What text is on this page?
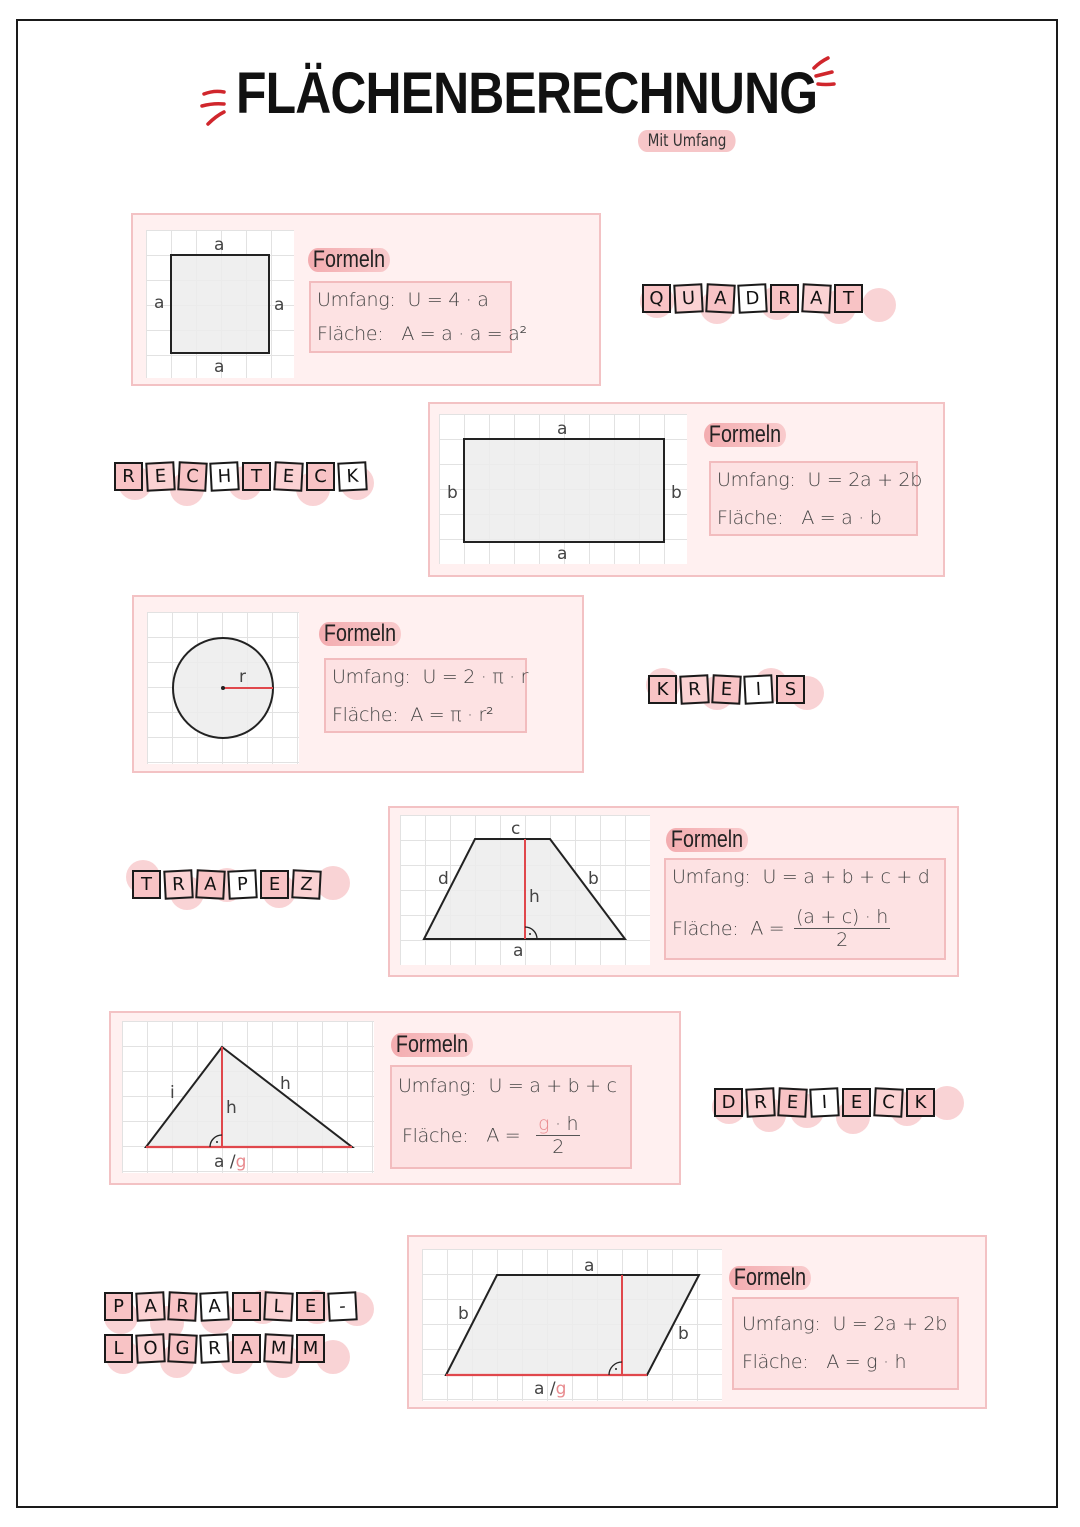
FLÄCHENBERECHNUNG
Mit Umfang
a
a	a
a
Formeln
Umfang: U = 4 · a
Fläche: A = a · a = a²
Q U	A D	R	A	T
a
b	b
a
Formeln
Umfang: U = 2a + 2b
Fläche: A = a · b
R	E	C H	T	E	C	K
r
Formeln
Umfang: U = 2 · π · r
Fläche: A = π · r²
K	R	E	I	S
c
d	b
h
a
Formeln
Umfang: U = a + b + c + d
Fläche: $A = \frac{(a + c) \cdot h}{2}$
T	R	A	P	E	Z
i	h
h
a /g
Formeln
Umfang: U = a + b + c
Fläche: $A = \frac{g \cdot h}{2}$
D	R	E	I	E	C	K
a
b
b
a /g
Formeln
Umfang: U = 2a + 2b
Fläche: A = g · h
P	A	R	A	L	L	E	-
L	O G R	A M M
